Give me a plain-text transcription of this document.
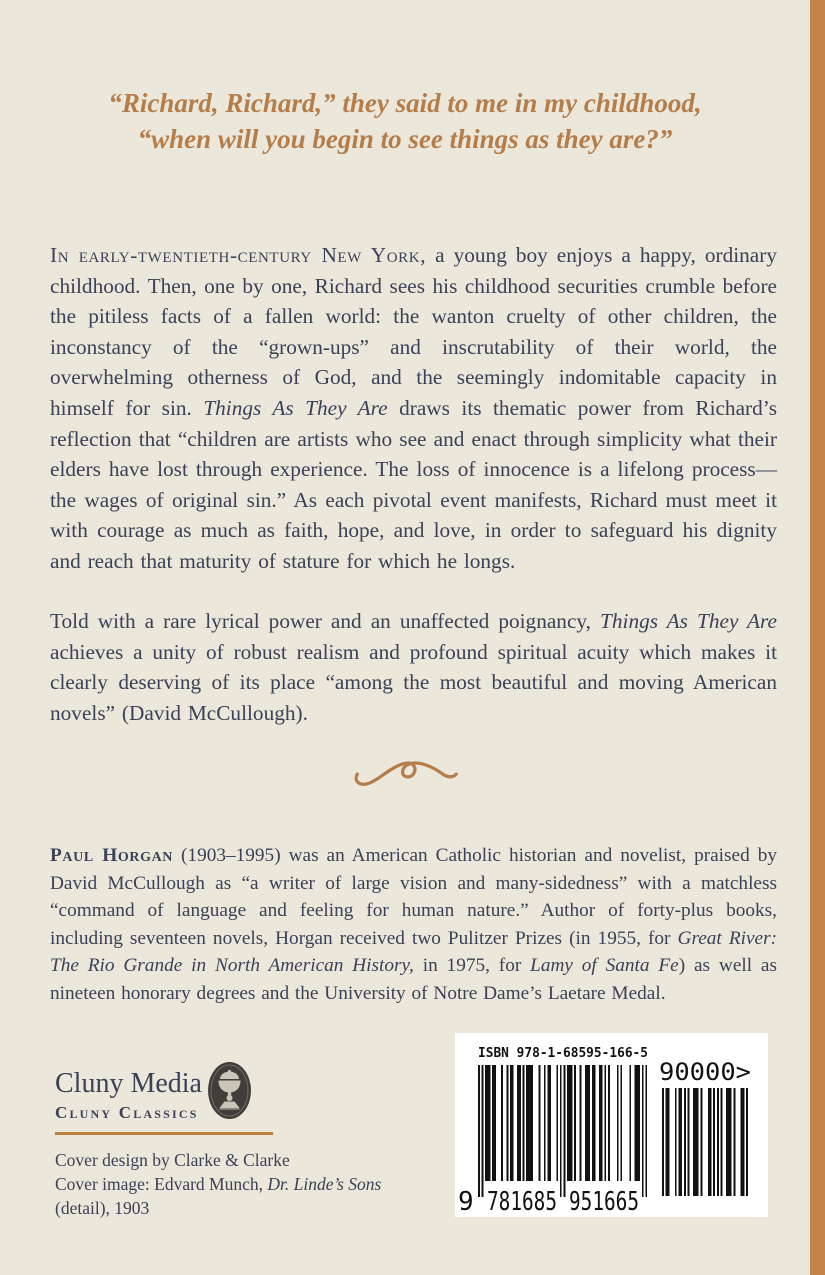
“Richard, Richard,” they said to me in my childhood,
“when will you begin to see things as they are?”
In early-twentieth-century New York, a young boy enjoys a happy, ordinary childhood. Then, one by one, Richard sees his childhood securities crumble before the pitiless facts of a fallen world: the wanton cruelty of other children, the inconstancy of the “grown-ups” and inscrutability of their world, the overwhelming otherness of God, and the seemingly indomitable capacity in himself for sin. Things As They Are draws its thematic power from Richard’s reflection that “children are artists who see and enact through simplicity what their elders have lost through experience. The loss of innocence is a lifelong process—the wages of original sin.” As each pivotal event manifests, Richard must meet it with courage as much as faith, hope, and love, in order to safeguard his dignity and reach that maturity of stature for which he longs.
Told with a rare lyrical power and an unaffected poignancy, Things As They Are achieves a unity of robust realism and profound spiritual acuity which makes it clearly deserving of its place “among the most beautiful and moving American novels” (David McCullough).
Paul Horgan (1903–1995) was an American Catholic historian and novelist, praised by David McCullough as “a writer of large vision and many-sidedness” with a matchless “command of language and feeling for human nature.” Author of forty-plus books, including seventeen novels, Horgan received two Pulitzer Prizes (in 1955, for Great River: The Rio Grande in North American History, in 1975, for Lamy of Santa Fe) as well as nineteen honorary degrees and the University of Notre Dame’s Laetare Medal.
Cluny Media
Cluny Classics
Cover design by Clarke & Clarke
Cover image: Edvard Munch, Dr. Linde’s Sons
(detail), 1903
ISBN 978-1-68595-166-5
9 781685 951665
90000>
